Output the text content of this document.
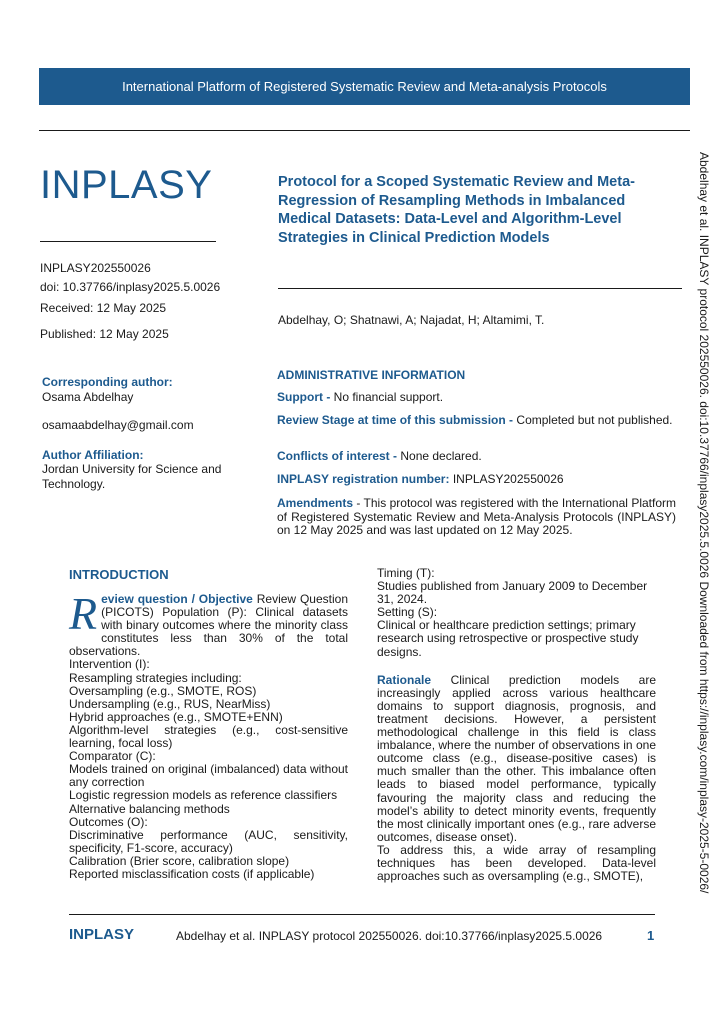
International Platform of Registered Systematic Review and Meta-analysis Protocols
INPLASY
INPLASY202550026
doi: 10.37766/inplasy2025.5.0026
Received: 12 May 2025
Published: 12 May 2025
Protocol for a Scoped Systematic Review and Meta-Regression of Resampling Methods in Imbalanced Medical Datasets: Data-Level and Algorithm-Level Strategies in Clinical Prediction Models
Abdelhay, O; Shatnawi, A; Najadat, H; Altamimi, T.
Corresponding author:
Osama Abdelhay
osamaabdelhay@gmail.com
Author Affiliation:
Jordan University for Science and
Technology.
ADMINISTRATIVE INFORMATION
Support - No financial support.
Review Stage at time of this submission - Completed but not published.
Conflicts of interest - None declared.
INPLASY registration number: INPLASY202550026
Amendments - This protocol was registered with the International Platform of Registered Systematic Review and Meta-Analysis Protocols (INPLASY) on 12 May 2025 and was last updated on 12 May 2025.
INTRODUCTION
Review question / Objective Review Question (PICOTS) Population (P): Clinical datasets with binary outcomes where the minority class constitutes less than 30% of the total observations.
Intervention (I):
Resampling strategies including:
Oversampling (e.g., SMOTE, ROS)
Undersampling (e.g., RUS, NearMiss)
Hybrid approaches (e.g., SMOTE+ENN)
Algorithm-level strategies (e.g., cost-sensitive learning, focal loss)
Comparator (C):
Models trained on original (imbalanced) data without any correction
Logistic regression models as reference classifiers
Alternative balancing methods
Outcomes (O):
Discriminative performance (AUC, sensitivity, specificity, F1-score, accuracy)
Calibration (Brier score, calibration slope)
Reported misclassification costs (if applicable)
Timing (T):
Studies published from January 2009 to December 31, 2024.
Setting (S):
Clinical or healthcare prediction settings; primary research using retrospective or prospective study designs.
Rationale Clinical prediction models are increasingly applied across various healthcare domains to support diagnosis, prognosis, and treatment decisions. However, a persistent methodological challenge in this field is class imbalance, where the number of observations in one outcome class (e.g., disease-positive cases) is much smaller than the other. This imbalance often leads to biased model performance, typically favouring the majority class and reducing the model’s ability to detect minority events, frequently the most clinically important ones (e.g., rare adverse outcomes, disease onset).
To address this, a wide array of resampling techniques has been developed. Data-level approaches such as oversampling (e.g., SMOTE),	Abdelhay et al. INPLASY protocol 202550026. doi:10.37766/inplasy2025.5.0026 Downloaded from https://inplasy.com/inplasy-2025-5-0026/
INPLASY	Abdelhay et al. INPLASY protocol 202550026. doi:10.37766/inplasy2025.5.0026	1
